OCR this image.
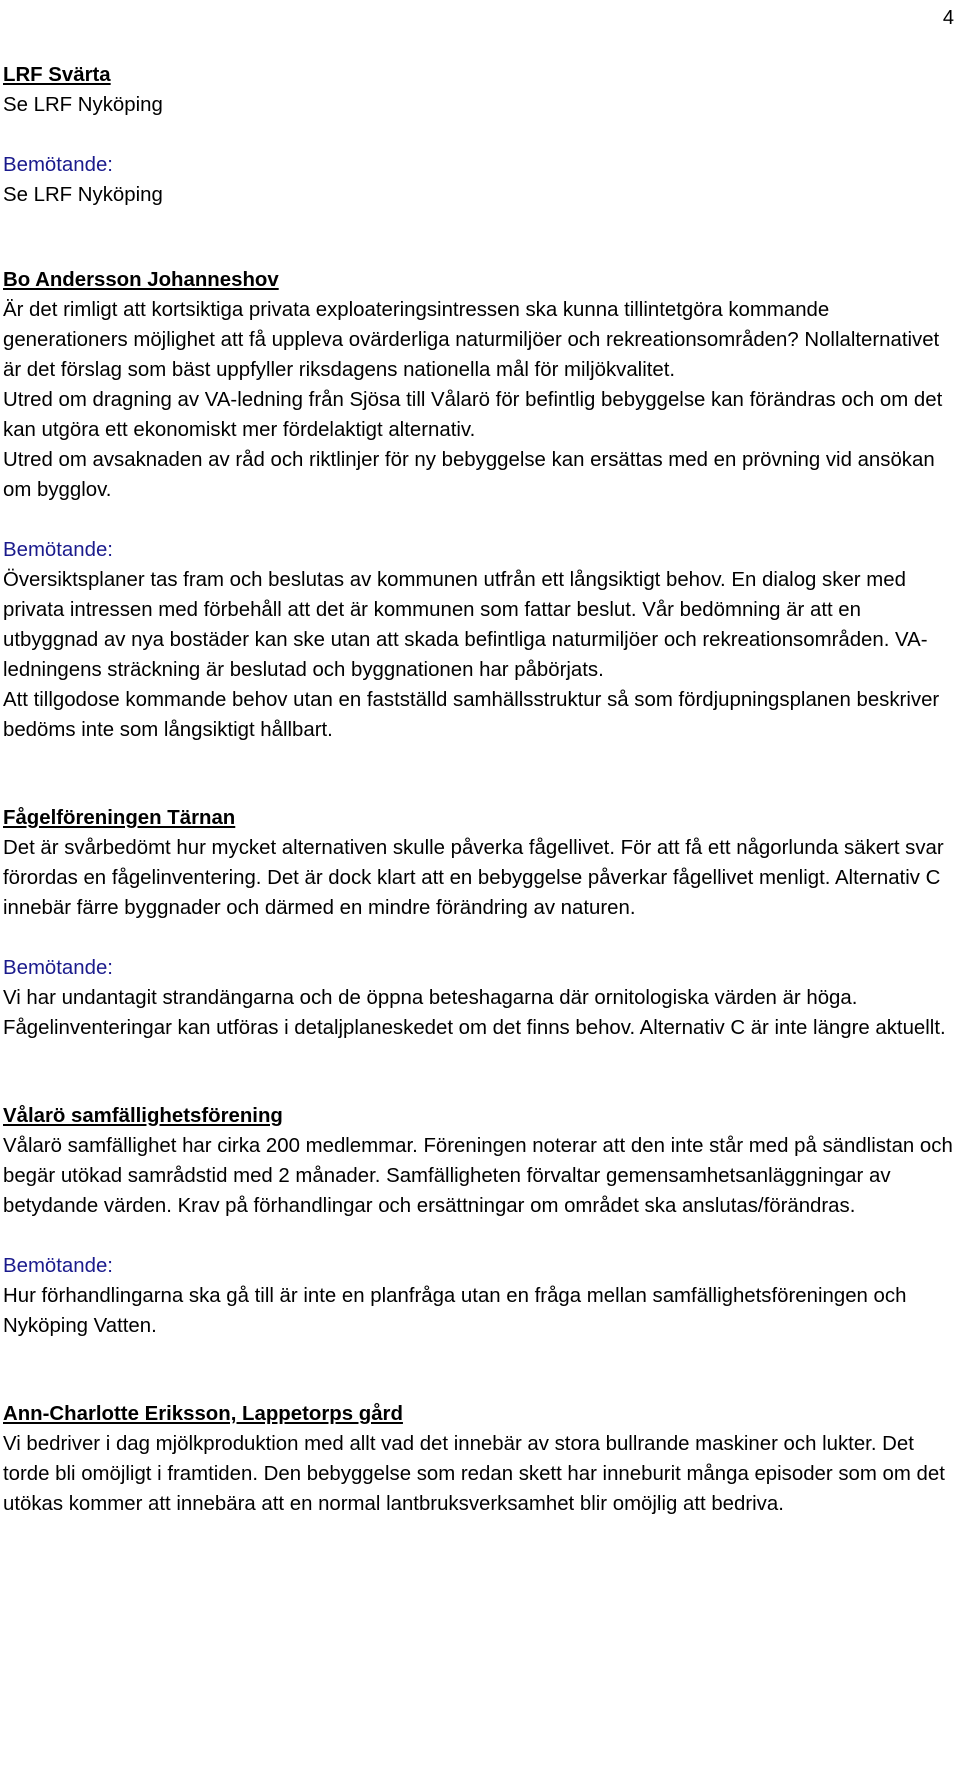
4
LRF Svärta
Se LRF Nyköping
Bemötande:
Se LRF Nyköping
Bo Andersson Johanneshov
Är det rimligt att kortsiktiga privata exploateringsintressen ska kunna tillintetgöra kommande generationers möjlighet att få uppleva ovärderliga naturmiljöer och rekreationsområden? Nollalternativet är det förslag som bäst uppfyller riksdagens nationella mål för miljökvalitet.
Utred om dragning av VA-ledning från Sjösa till Vålarö för befintlig bebyggelse kan förändras och om det kan utgöra ett ekonomiskt mer fördelaktigt alternativ.
Utred om avsaknaden av råd och riktlinjer för ny bebyggelse kan ersättas med en prövning vid ansökan om bygglov.
Bemötande:
Översiktsplaner tas fram och beslutas av kommunen utfrån ett långsiktigt behov. En dialog sker med privata intressen med förbehåll att det är kommunen som fattar beslut. Vår bedömning är att en utbyggnad av nya bostäder kan ske utan att skada befintliga naturmiljöer och rekreationsområden. VA-ledningens sträckning är beslutad och byggnationen har påbörjats.
Att tillgodose kommande behov utan en fastställd samhällsstruktur så som fördjupningsplanen beskriver bedöms inte som långsiktigt hållbart.
Fågelföreningen Tärnan
Det är svårbedömt hur mycket alternativen skulle påverka fågellivet. För att få ett någorlunda säkert svar förordas en fågelinventering. Det är dock klart att en bebyggelse påverkar fågellivet menligt. Alternativ C innebär färre byggnader och därmed en mindre förändring av naturen.
Bemötande:
Vi har undantagit strandängarna och de öppna beteshagarna där ornitologiska värden är höga. Fågelinventeringar kan utföras i detaljplaneskedet om det finns behov. Alternativ C är inte längre aktuellt.
Vålarö samfällighetsförening
Vålarö samfällighet har cirka 200 medlemmar. Föreningen noterar att den inte står med på sändlistan och begär utökad samrådstid med 2 månader. Samfälligheten förvaltar gemensamhetsanläggningar av betydande värden. Krav på förhandlingar och ersättningar om området ska anslutas/förändras.
Bemötande:
Hur förhandlingarna ska gå till är inte en planfråga utan en fråga mellan samfällighetsföreningen och Nyköping Vatten.
Ann-Charlotte Eriksson, Lappetorps gård
Vi bedriver i dag mjölkproduktion med allt vad det innebär av stora bullrande maskiner och lukter. Det torde bli omöjligt i framtiden. Den bebyggelse som redan skett har inneburit många episoder som om det utökas kommer att innebära att en normal lantbruksverksamhet blir omöjlig att bedriva.
